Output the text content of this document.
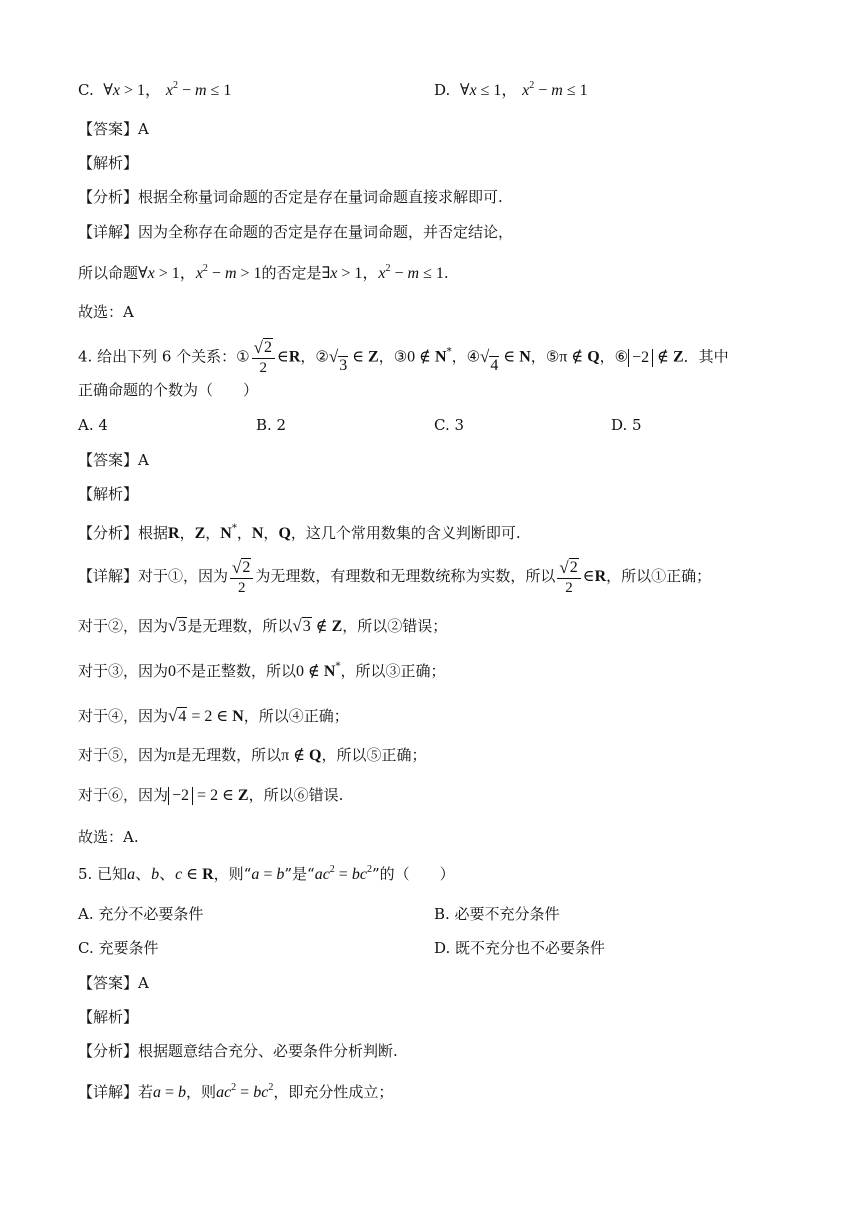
C. ∀x > 1， $x^2 - m \le 1$	D. ∀x ≤ 1， $x^2 - m \le 1$
【答案】A
【解析】
【分析】根据全称量词命题的否定是存在量词命题直接求解即可.
【详解】因为全称存在命题的否定是存在量词命题，并否定结论，
所以命题∀x > 1，$x^2 - m > 1$的否定是∃x > 1，$x^2 - m \le 1$.
故选：A
4. 给出下列 6 个关系：① $\frac{√ 2}{2}$ ∈R，② √ 3 ∈ Z，③0 ∉ N*，④ √ 4 ∈ N，⑤π ∉ Q，⑥ −2 ∉ Z．其中
正确命题的个数为（　　）
A. 4	B. 2	C. 3	D. 5
【答案】A
【解析】
【分析】根据R，Z，N*，N，Q，这几个常用数集的含义判断即可.
【详解】对于①，因为 $\frac{√ 2}{2}$ 为无理数，有理数和无理数统称为实数，所以 $\frac{√ 2}{2}$ ∈R，所以①正确；
对于②，因为 √ 3 是无理数，所以 √ 3 ∉ Z，所以②错误；
对于③，因为0不是正整数，所以0 ∉ N*，所以③正确；
对于④，因为 √ 4 = 2 ∈ N，所以④正确；
对于⑤，因为π是无理数，所以π ∉ Q，所以⑤正确；
对于⑥，因为 −2 = 2 ∈ Z，所以⑥错误.
故选：A.
5. 已知a、b、c ∈ R，则“a = b”是“$ac^2 = bc^2$”的（　　）
A. 充分不必要条件	B. 必要不充分条件
C. 充要条件	D. 既不充分也不必要条件
【答案】A
【解析】
【分析】根据题意结合充分、必要条件分析判断.
【详解】若a = b，则$ac^2 = bc^2$，即充分性成立；
